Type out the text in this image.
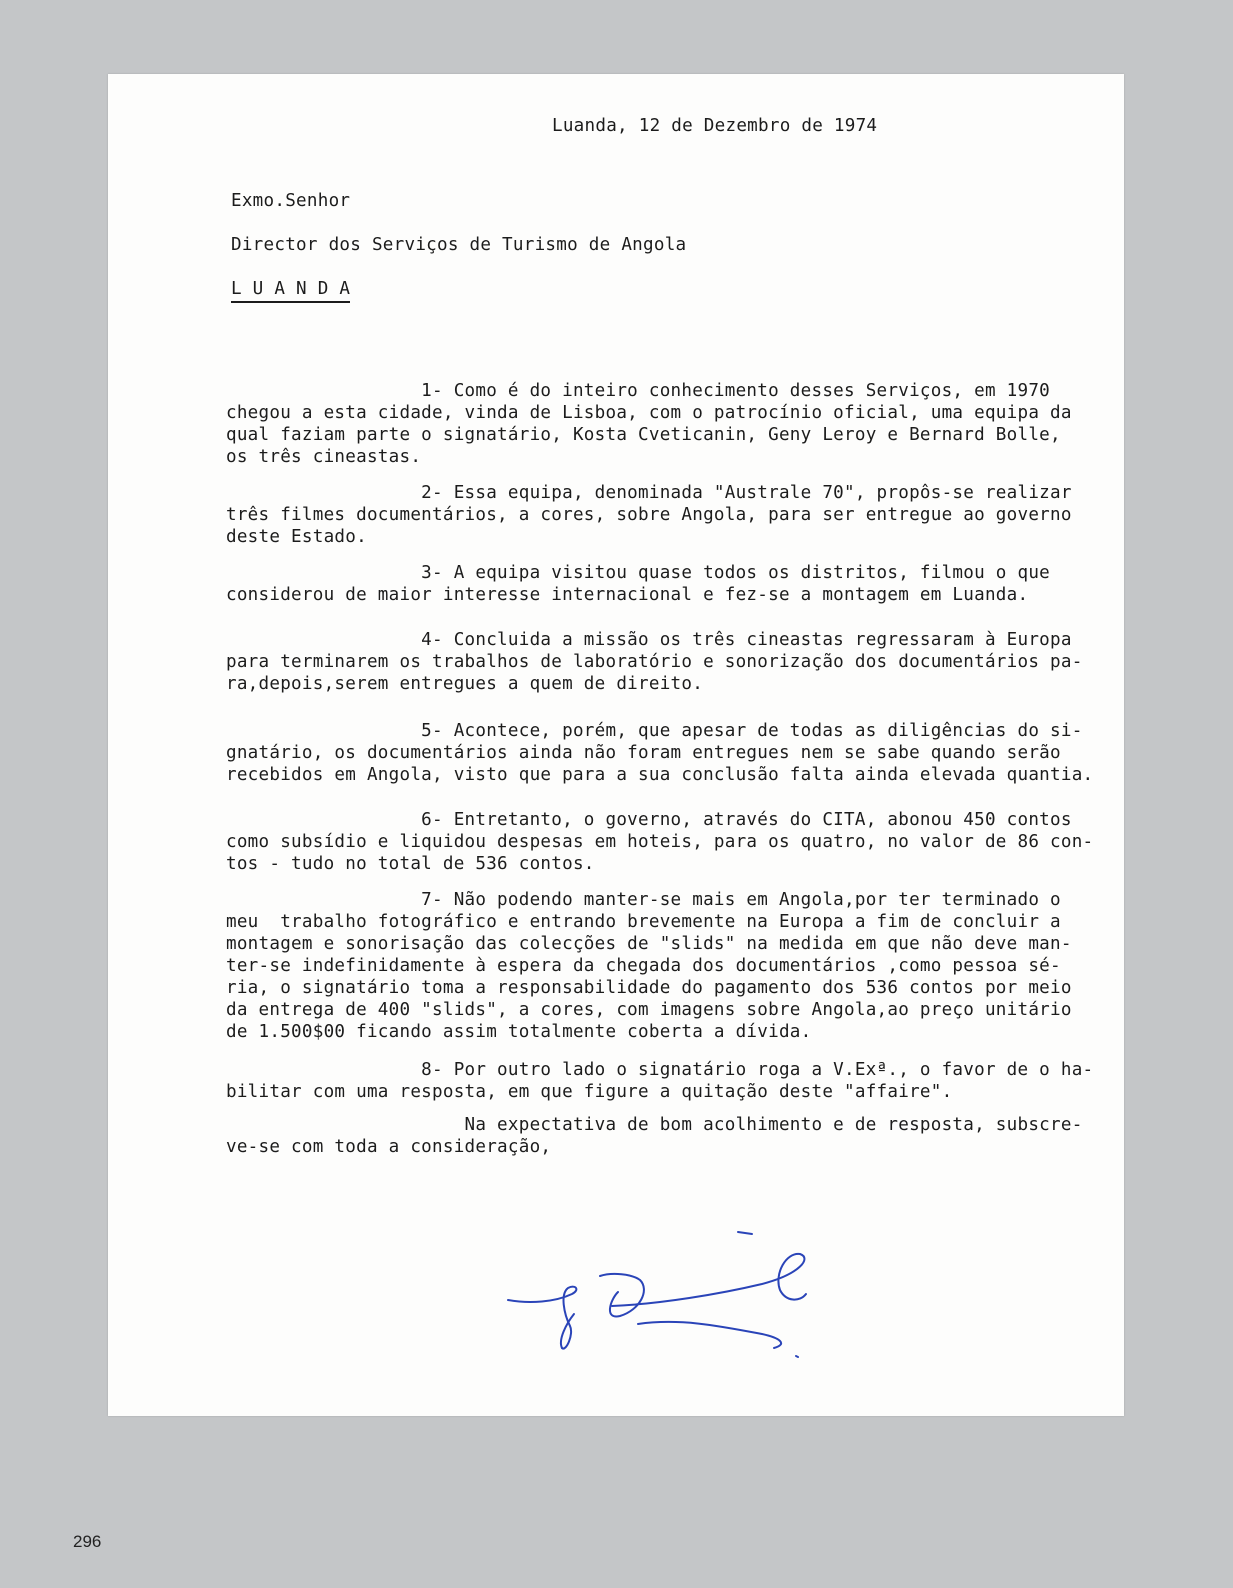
Luanda, 12 de Dezembro de 1974
Exmo.Senhor
Director dos Serviços de Turismo de Angola
L U A N D A
1- Como é do inteiro conhecimento desses Serviços, em 1970
chegou a esta cidade, vinda de Lisboa, com o patrocínio oficial, uma equipa da
qual faziam parte o signatário, Kosta Cveticanin, Geny Leroy e Bernard Bolle,
os três cineastas.
2- Essa equipa, denominada "Australe 70", propôs-se realizar
três filmes documentários, a cores, sobre Angola, para ser entregue ao governo
deste Estado.
3- A equipa visitou quase todos os distritos, filmou o que
considerou de maior interesse internacional e fez-se a montagem em Luanda.
4- Concluida a missão os três cineastas regressaram à Europa
para terminarem os trabalhos de laboratório e sonorização dos documentários pa-
ra,depois,serem entregues a quem de direito.
5- Acontece, porém, que apesar de todas as diligências do si-
gnatário, os documentários ainda não foram entregues nem se sabe quando serão
recebidos em Angola, visto que para a sua conclusão falta ainda elevada quantia.
6- Entretanto, o governo, através do CITA, abonou 450 contos
como subsídio e liquidou despesas em hoteis, para os quatro, no valor de 86 con-
tos - tudo no total de 536 contos.
7- Não podendo manter-se mais em Angola,por ter terminado o
meu  trabalho fotográfico e entrando brevemente na Europa a fim de concluir a
montagem e sonorisação das colecções de "slids" na medida em que não deve man-
ter-se indefinidamente à espera da chegada dos documentários ,como pessoa sé-
ria, o signatário toma a responsabilidade do pagamento dos 536 contos por meio
da entrega de 400 "slids", a cores, com imagens sobre Angola,ao preço unitário
de 1.500$00 ficando assim totalmente coberta a dívida.
8- Por outro lado o signatário roga a V.Exª., o favor de o ha-
bilitar com uma resposta, em que figure a quitação deste "affaire".
Na expectativa de bom acolhimento e de resposta, subscre-
ve-se com toda a consideração,
296
